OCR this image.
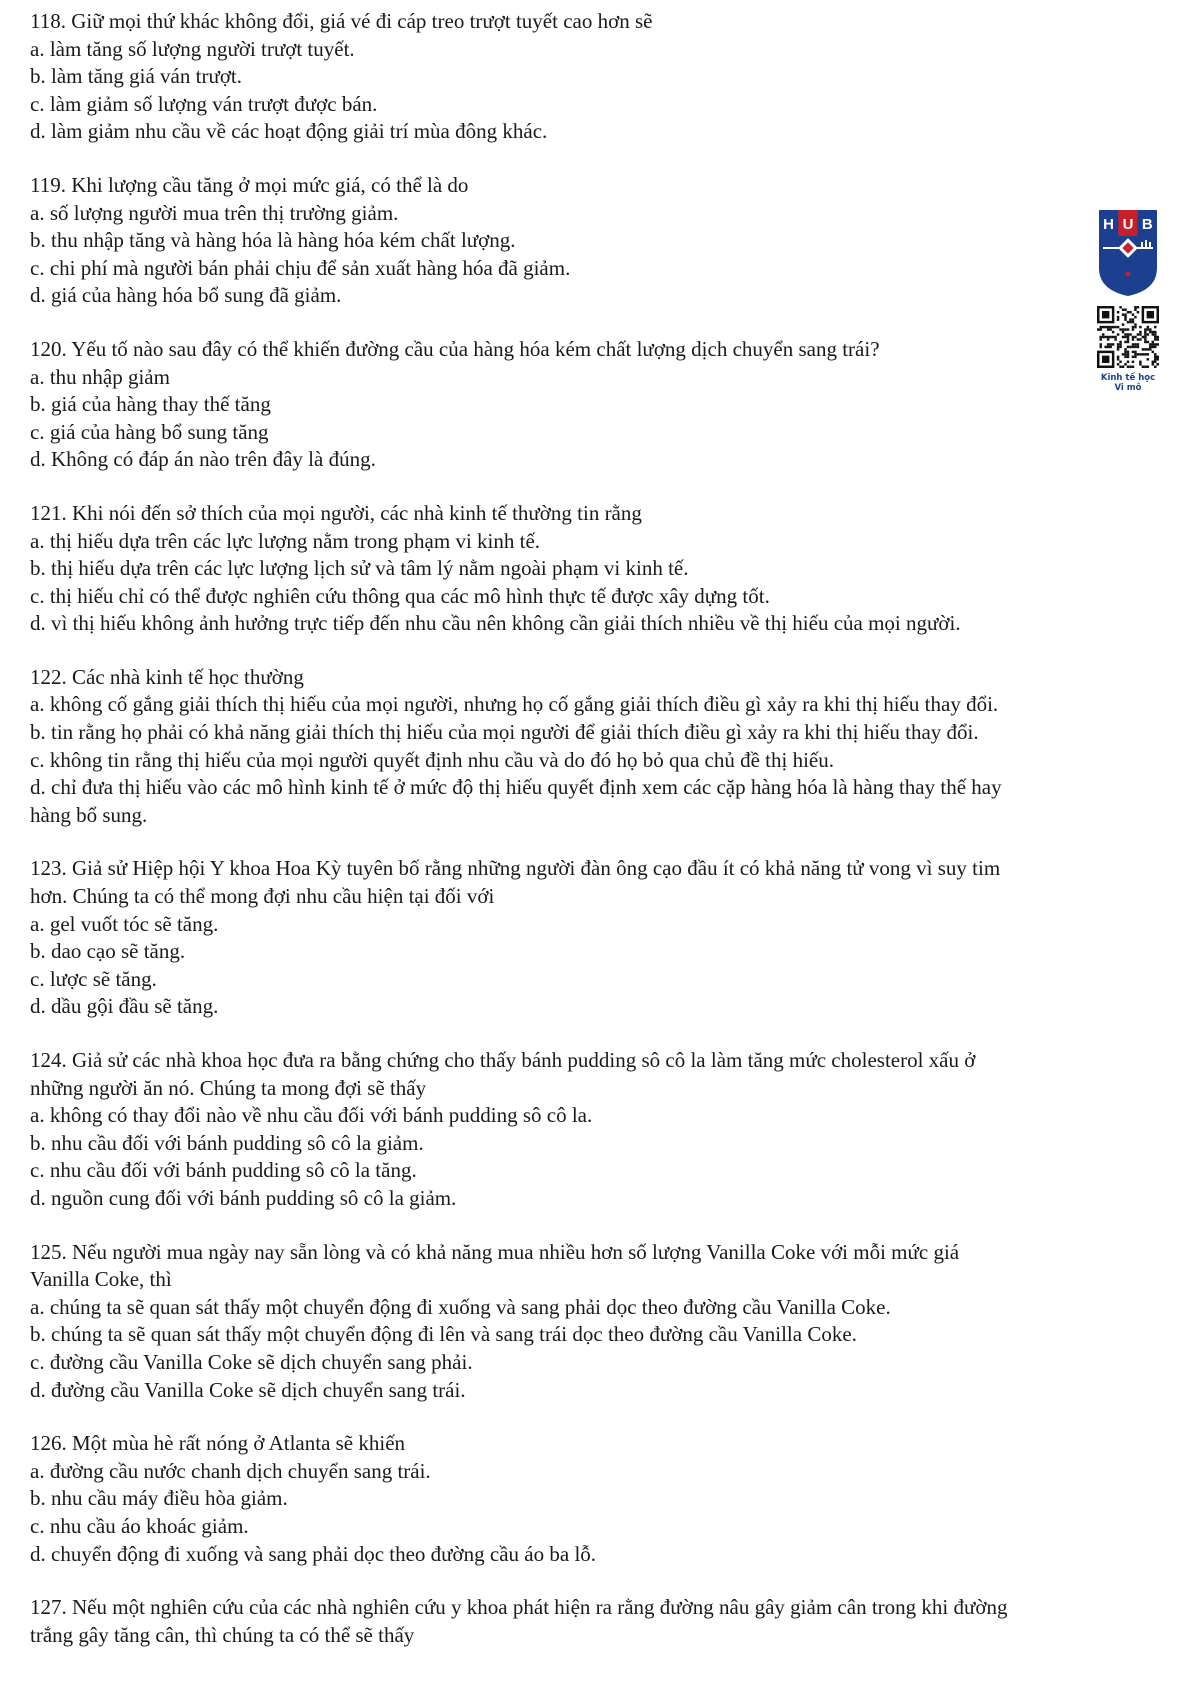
118. Giữ mọi thứ khác không đổi, giá vé đi cáp treo trượt tuyết cao hơn sẽ
a. làm tăng số lượng người trượt tuyết.
b. làm tăng giá ván trượt.
c. làm giảm số lượng ván trượt được bán.
d. làm giảm nhu cầu về các hoạt động giải trí mùa đông khác.
119. Khi lượng cầu tăng ở mọi mức giá, có thể là do
a. số lượng người mua trên thị trường giảm.
b. thu nhập tăng và hàng hóa là hàng hóa kém chất lượng.
c. chi phí mà người bán phải chịu để sản xuất hàng hóa đã giảm.
d. giá của hàng hóa bổ sung đã giảm.
120. Yếu tố nào sau đây có thể khiến đường cầu của hàng hóa kém chất lượng dịch chuyển sang trái?
a. thu nhập giảm
b. giá của hàng thay thế tăng
c. giá của hàng bổ sung tăng
d. Không có đáp án nào trên đây là đúng.
121. Khi nói đến sở thích của mọi người, các nhà kinh tế thường tin rằng
a. thị hiếu dựa trên các lực lượng nằm trong phạm vi kinh tế.
b. thị hiếu dựa trên các lực lượng lịch sử và tâm lý nằm ngoài phạm vi kinh tế.
c. thị hiếu chỉ có thể được nghiên cứu thông qua các mô hình thực tế được xây dựng tốt.
d. vì thị hiếu không ảnh hưởng trực tiếp đến nhu cầu nên không cần giải thích nhiều về thị hiếu của mọi người.
122. Các nhà kinh tế học thường
a. không cố gắng giải thích thị hiếu của mọi người, nhưng họ cố gắng giải thích điều gì xảy ra khi thị hiếu thay đổi.
b. tin rằng họ phải có khả năng giải thích thị hiếu của mọi người để giải thích điều gì xảy ra khi thị hiếu thay đổi.
c. không tin rằng thị hiếu của mọi người quyết định nhu cầu và do đó họ bỏ qua chủ đề thị hiếu.
d. chỉ đưa thị hiếu vào các mô hình kinh tế ở mức độ thị hiếu quyết định xem các cặp hàng hóa là hàng thay thế hay
hàng bổ sung.
123. Giả sử Hiệp hội Y khoa Hoa Kỳ tuyên bố rằng những người đàn ông cạo đầu ít có khả năng tử vong vì suy tim
hơn. Chúng ta có thể mong đợi nhu cầu hiện tại đối với
a. gel vuốt tóc sẽ tăng.
b. dao cạo sẽ tăng.
c. lược sẽ tăng.
d. dầu gội đầu sẽ tăng.
124. Giả sử các nhà khoa học đưa ra bằng chứng cho thấy bánh pudding sô cô la làm tăng mức cholesterol xấu ở
những người ăn nó. Chúng ta mong đợi sẽ thấy
a. không có thay đổi nào về nhu cầu đối với bánh pudding sô cô la.
b. nhu cầu đối với bánh pudding sô cô la giảm.
c. nhu cầu đối với bánh pudding sô cô la tăng.
d. nguồn cung đối với bánh pudding sô cô la giảm.
125. Nếu người mua ngày nay sẵn lòng và có khả năng mua nhiều hơn số lượng Vanilla Coke với mỗi mức giá
Vanilla Coke, thì
a. chúng ta sẽ quan sát thấy một chuyển động đi xuống và sang phải dọc theo đường cầu Vanilla Coke.
b. chúng ta sẽ quan sát thấy một chuyển động đi lên và sang trái dọc theo đường cầu Vanilla Coke.
c. đường cầu Vanilla Coke sẽ dịch chuyển sang phải.
d. đường cầu Vanilla Coke sẽ dịch chuyển sang trái.
126. Một mùa hè rất nóng ở Atlanta sẽ khiến
a. đường cầu nước chanh dịch chuyển sang trái.
b. nhu cầu máy điều hòa giảm.
c. nhu cầu áo khoác giảm.
d. chuyển động đi xuống và sang phải dọc theo đường cầu áo ba lỗ.
127. Nếu một nghiên cứu của các nhà nghiên cứu y khoa phát hiện ra rằng đường nâu gây giảm cân trong khi đường
trắng gây tăng cân, thì chúng ta có thể sẽ thấy
H U B
Kinh tế học
Vi mô
